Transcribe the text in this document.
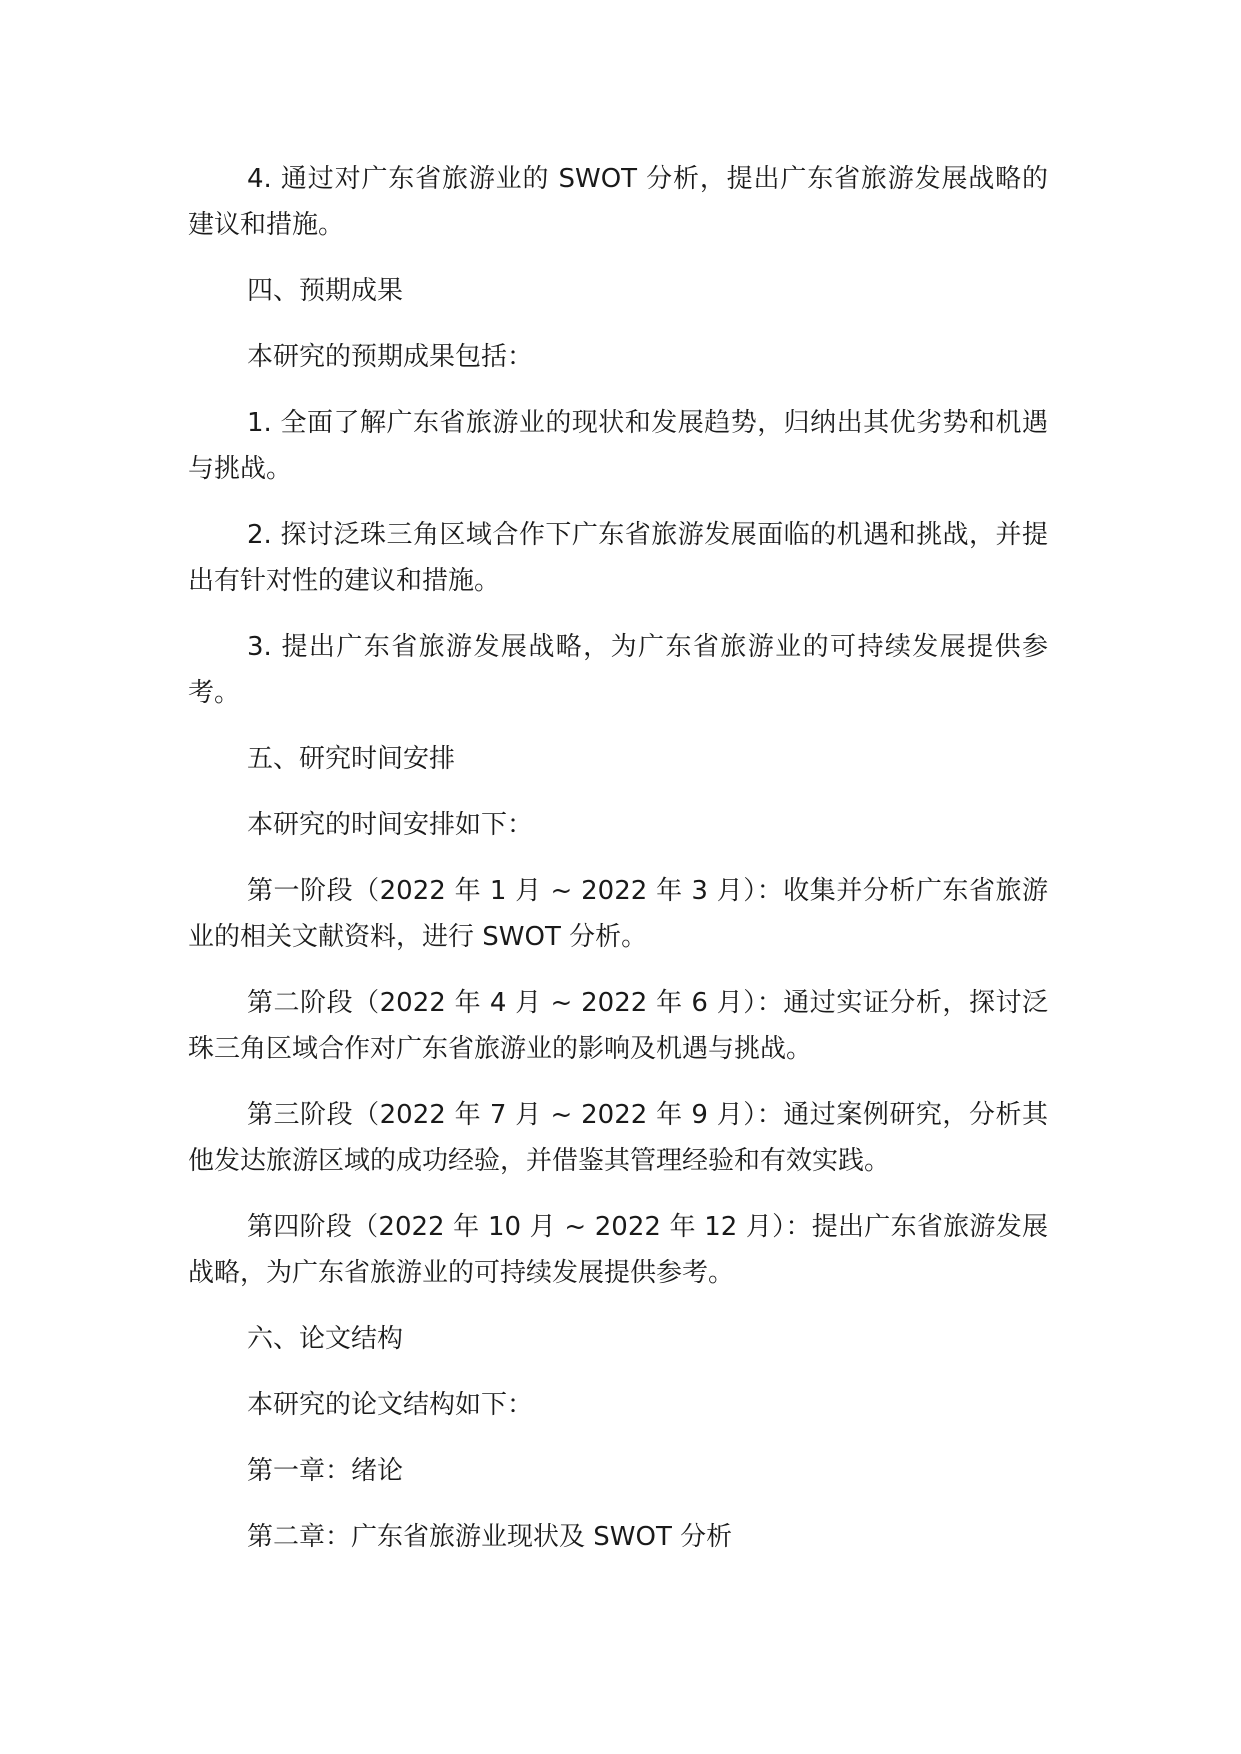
4. 通过对广东省旅游业的 SWOT 分析，提出广东省旅游发展战略的建议和措施。

四、预期成果

本研究的预期成果包括：

1. 全面了解广东省旅游业的现状和发展趋势，归纳出其优劣势和机遇与挑战。

2. 探讨泛珠三角区域合作下广东省旅游发展面临的机遇和挑战，并提出有针对性的建议和措施。

3. 提出广东省旅游发展战略，为广东省旅游业的可持续发展提供参考。

五、研究时间安排

本研究的时间安排如下：

第一阶段（2022 年 1 月 ~ 2022 年 3 月）：收集并分析广东省旅游业的相关文献资料，进行 SWOT 分析。

第二阶段（2022 年 4 月 ~ 2022 年 6 月）：通过实证分析，探讨泛珠三角区域合作对广东省旅游业的影响及机遇与挑战。

第三阶段（2022 年 7 月 ~ 2022 年 9 月）：通过案例研究，分析其他发达旅游区域的成功经验，并借鉴其管理经验和有效实践。

第四阶段（2022 年 10 月 ~ 2022 年 12 月）：提出广东省旅游发展战略，为广东省旅游业的可持续发展提供参考。

六、论文结构

本研究的论文结构如下：

第一章：绪论

第二章：广东省旅游业现状及 SWOT 分析
